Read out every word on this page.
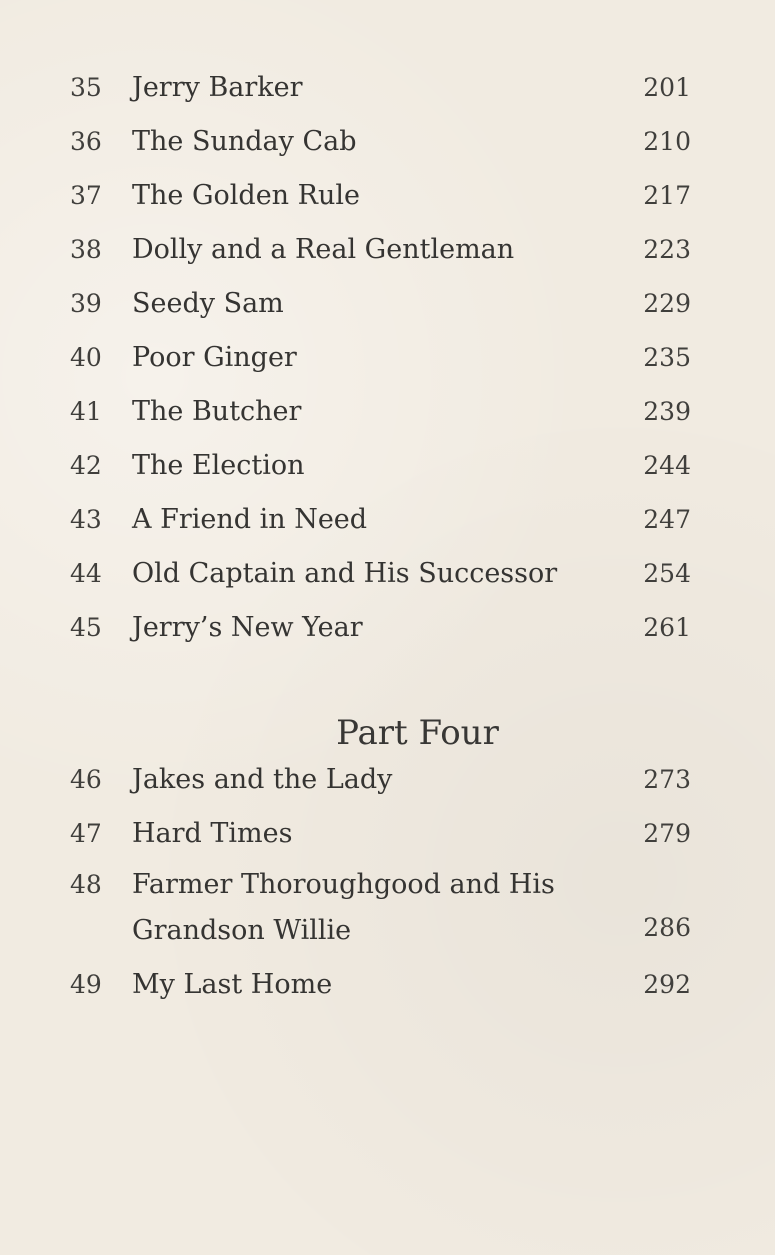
35	Jerry Barker	201
36	The Sunday Cab	210
37	The Golden Rule	217
38	Dolly and a Real Gentleman	223
39	Seedy Sam	229
40	Poor Ginger	235
41	The Butcher	239
42	The Election	244
43	A Friend in Need	247
44	Old Captain and His Successor	254
45	Jerry’s New Year	261
Part Four
46	Jakes and the Lady	273
47	Hard Times	279
48	Farmer Thoroughgood and His
Grandson Willie	286
49	My Last Home	292
